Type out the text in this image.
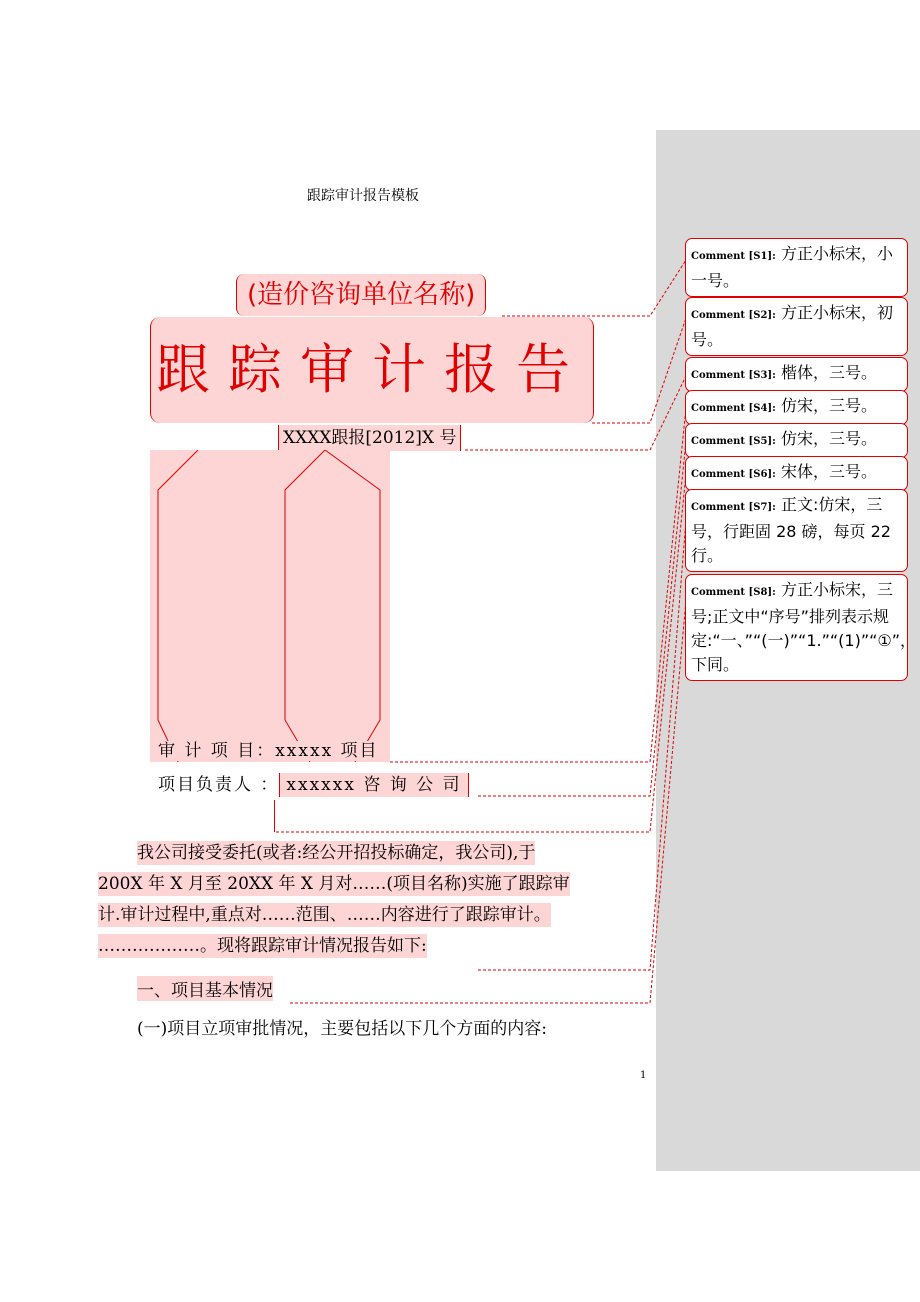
跟踪审计报告模板
(造价咨询单位名称)
跟踪审计报告
XXXX跟报[2012]X 号
审 计 项 目：xxxxx 项目
项目负责人 ： xxxxxx 咨 询 公 司
我公司接受委托(或者:经公开招投标确定，我公司),于
200X 年 X 月至 20XX 年 X 月对……(项目名称)实施了跟踪审
计.审计过程中,重点对……范围、……内容进行了跟踪审计。
………………。现将跟踪审计情况报告如下:
一、项目基本情况
(一)项目立项审批情况，主要包括以下几个方面的内容:
1
Comment [S1]: 方正小标宋，小一号。
Comment [S2]: 方正小标宋，初号。
Comment [S3]: 楷体，三号。
Comment [S4]: 仿宋，三号。
Comment [S5]: 仿宋，三号。
Comment [S6]: 宋体，三号。
Comment [S7]: 正文:仿宋，三号，行距固 28 磅，每页 22 行。
Comment [S8]: 方正小标宋，三号;正文中“序号”排列表示规定:“一、”“(一)”“1.”“(1)”“①”，下同。
